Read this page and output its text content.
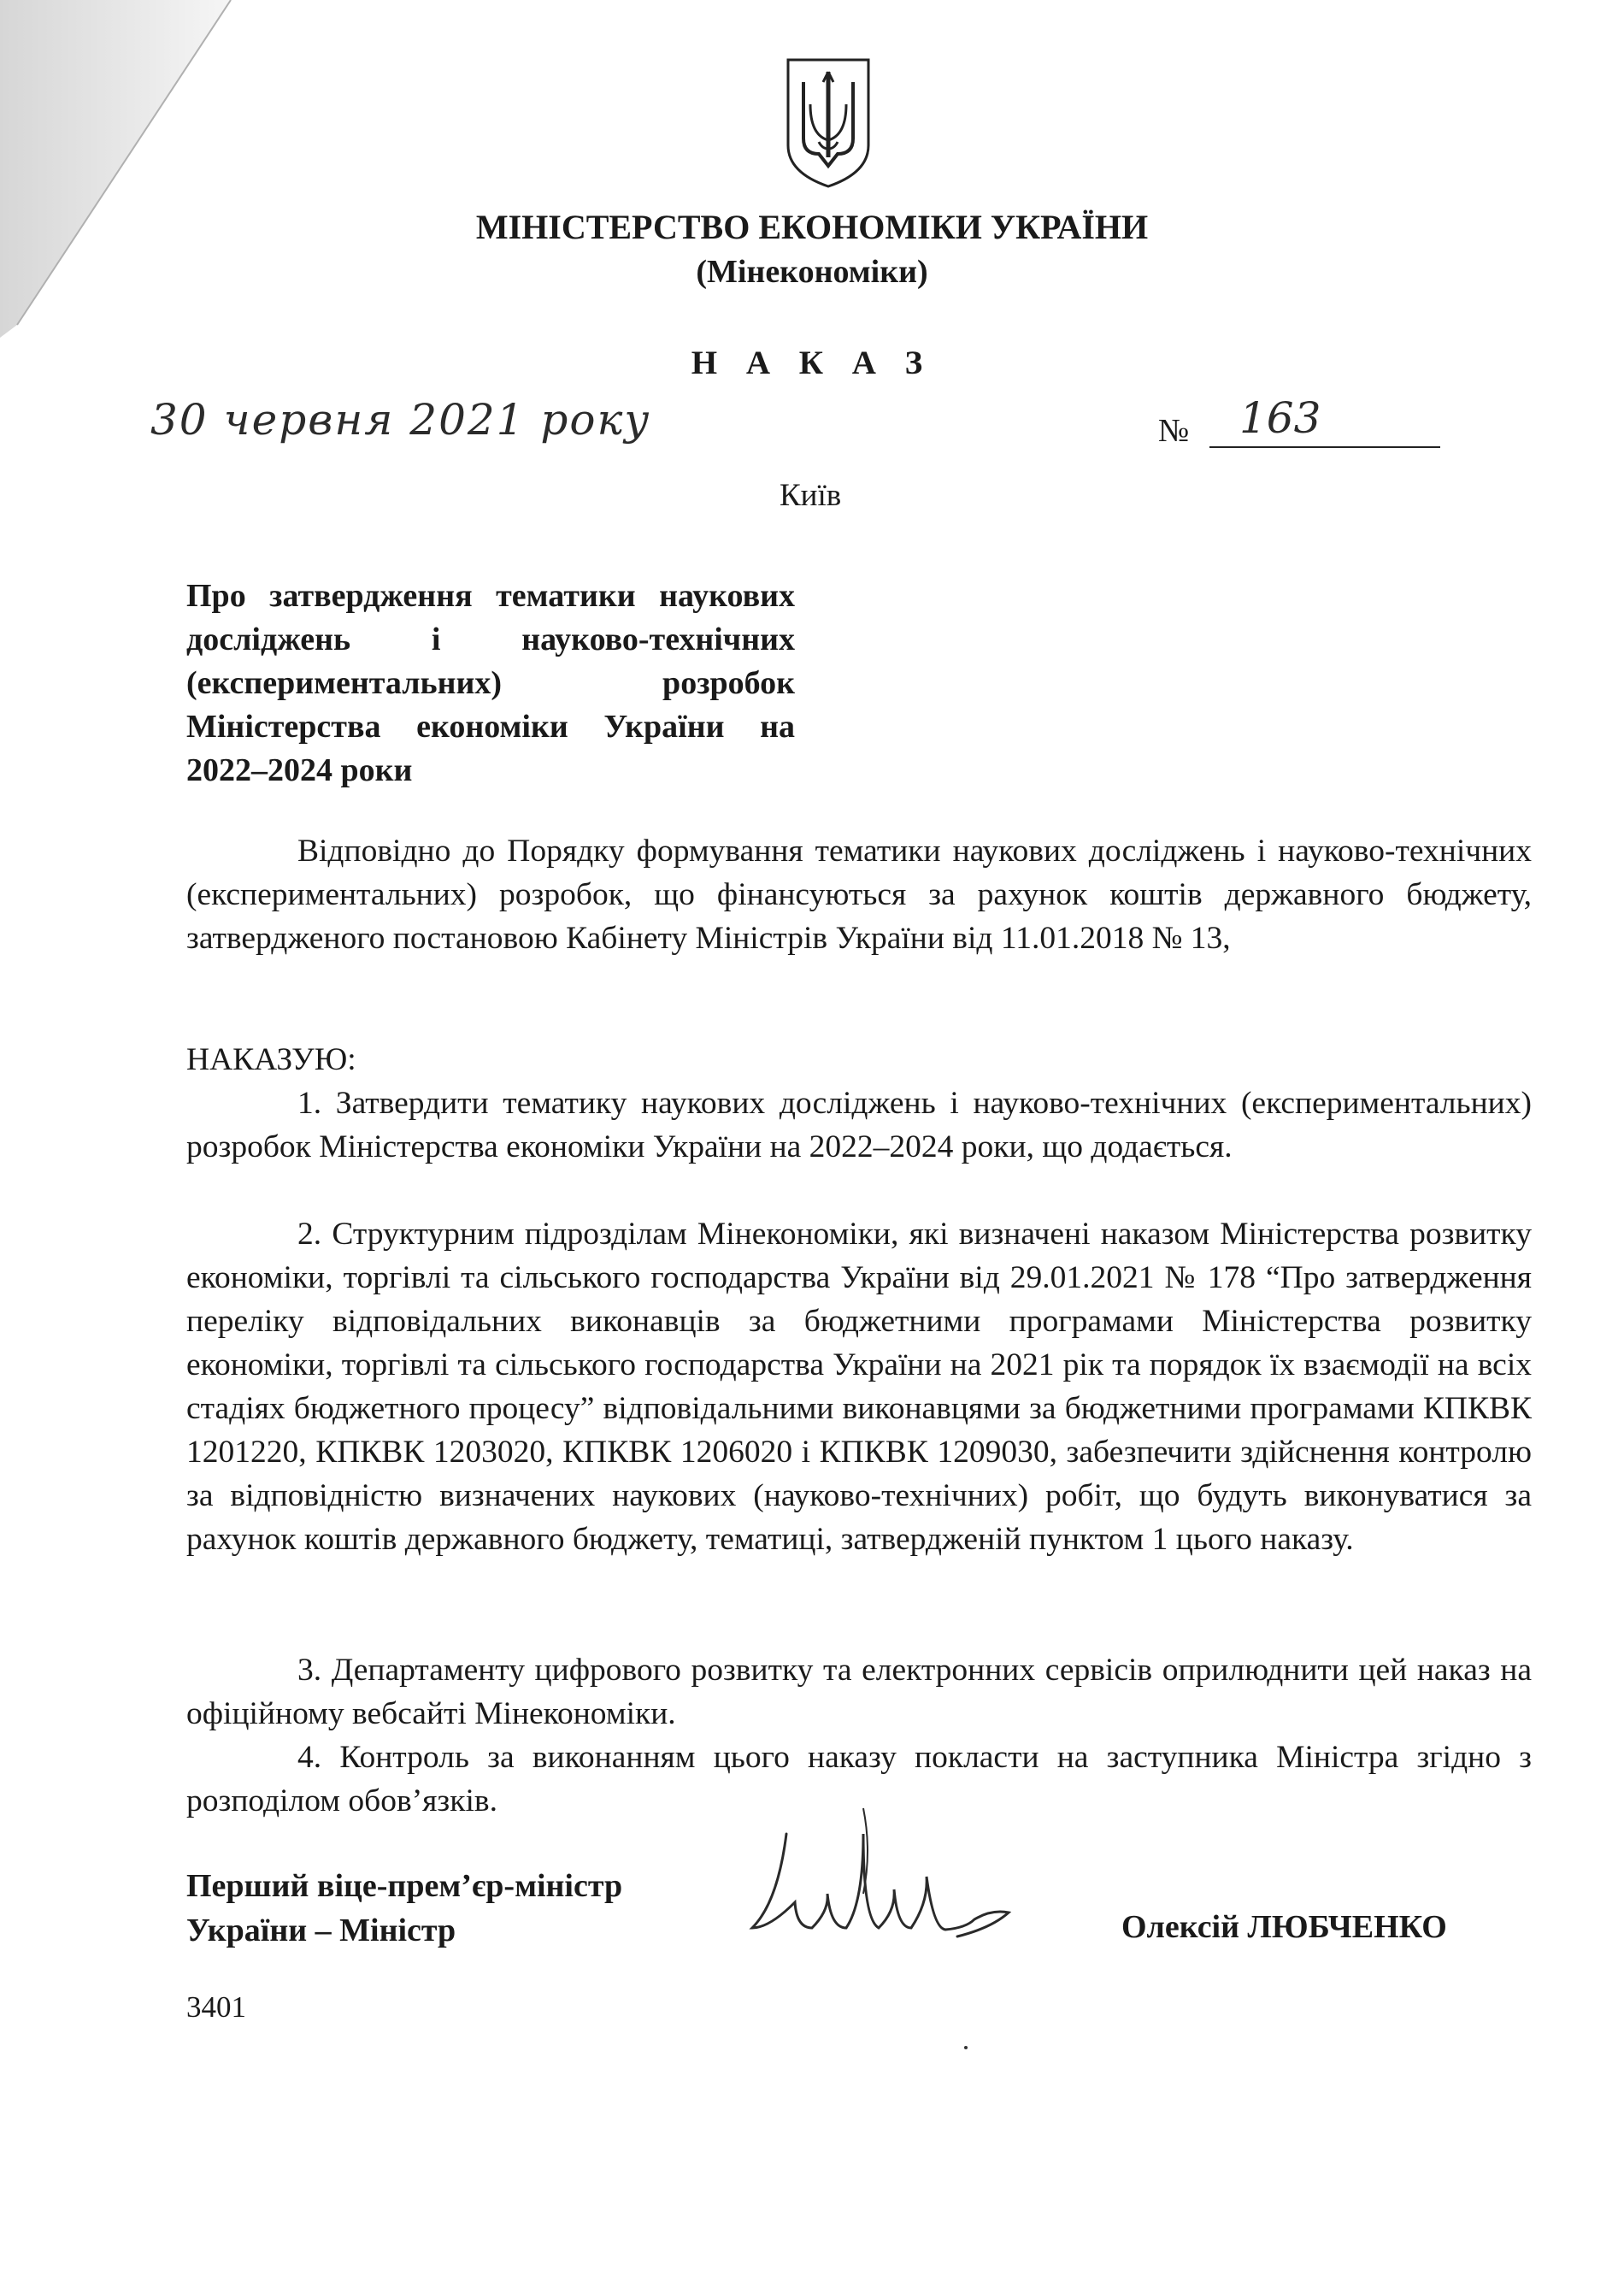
МІНІСТЕРСТВО ЕКОНОМІКИ УКРАЇНИ
(Мінекономіки)
Н А К А З
30 червня 2021 року	№ 163
Київ
Про затвердження тематики наукових досліджень і науково-технічних (експериментальних) розробок Міністерства економіки України на 2022–2024 роки
Відповідно до Порядку формування тематики наукових досліджень і науково-технічних (експериментальних) розробок, що фінансуються за рахунок коштів державного бюджету, затвердженого постановою Кабінету Міністрів України від 11.01.2018 № 13,
НАКАЗУЮ:
1. Затвердити тематику наукових досліджень і науково-технічних (експериментальних) розробок Міністерства економіки України на 2022–2024 роки, що додається.
2. Структурним підрозділам Мінекономіки, які визначені наказом Міністерства розвитку економіки, торгівлі та сільського господарства України від 29.01.2021 № 178 “Про затвердження переліку відповідальних виконавців за бюджетними програмами Міністерства розвитку економіки, торгівлі та сільського господарства України на 2021 рік та порядок їх взаємодії на всіх стадіях бюджетного процесу” відповідальними виконавцями за бюджетними програмами КПКВК 1201220, КПКВК 1203020, КПКВК 1206020 і КПКВК 1209030, забезпечити здійснення контролю за відповідністю визначених наукових (науково-технічних) робіт, що будуть виконуватися за рахунок коштів державного бюджету, тематиці, затвердженій пунктом 1 цього наказу.
3. Департаменту цифрового розвитку та електронних сервісів оприлюднити цей наказ на офіційному вебсайті Мінекономіки.
4. Контроль за виконанням цього наказу покласти на заступника Міністра згідно з розподілом обов’язків.
Перший віце-прем’єр-міністр
України – Міністр	Олексій ЛЮБЧЕНКО
3401
